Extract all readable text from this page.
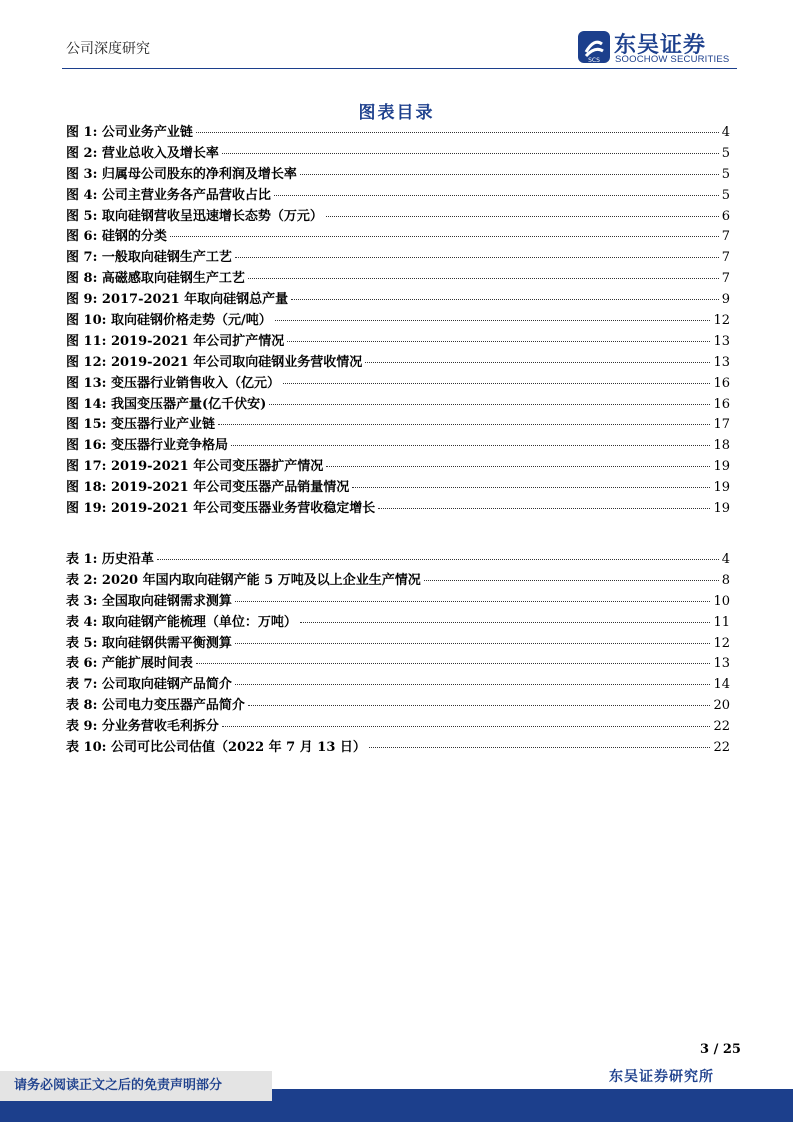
公司深度研究
SCS
东吴证券
SOOCHOW SECURITIES
图表目录
图 1: 公司业务产业链	4
图 2: 营业总收入及增长率	5
图 3: 归属母公司股东的净利润及增长率	5
图 4: 公司主营业务各产品营收占比	5
图 5: 取向硅钢营收呈迅速增长态势（万元）	6
图 6: 硅钢的分类	7
图 7: 一般取向硅钢生产工艺	7
图 8: 高磁感取向硅钢生产工艺	7
图 9: 2017-2021 年取向硅钢总产量	9
图 10: 取向硅钢价格走势（元/吨）	12
图 11: 2019-2021 年公司扩产情况	13
图 12: 2019-2021 年公司取向硅钢业务营收情况	13
图 13: 变压器行业销售收入（亿元）	16
图 14: 我国变压器产量(亿千伏安)	16
图 15: 变压器行业产业链	17
图 16: 变压器行业竞争格局	18
图 17: 2019-2021 年公司变压器扩产情况	19
图 18: 2019-2021 年公司变压器产品销量情况	19
图 19: 2019-2021 年公司变压器业务营收稳定增长	19
表 1: 历史沿革	4
表 2: 2020 年国内取向硅钢产能 5 万吨及以上企业生产情况	8
表 3: 全国取向硅钢需求测算	10
表 4: 取向硅钢产能梳理（单位：万吨）	11
表 5: 取向硅钢供需平衡测算	12
表 6: 产能扩展时间表	13
表 7: 公司取向硅钢产品简介	14
表 8: 公司电力变压器产品简介	20
表 9: 分业务营收毛利拆分	22
表 10: 公司可比公司估值（2022 年 7 月 13 日）	22
3 / 25
东吴证券研究所
请务必阅读正文之后的免责声明部分
